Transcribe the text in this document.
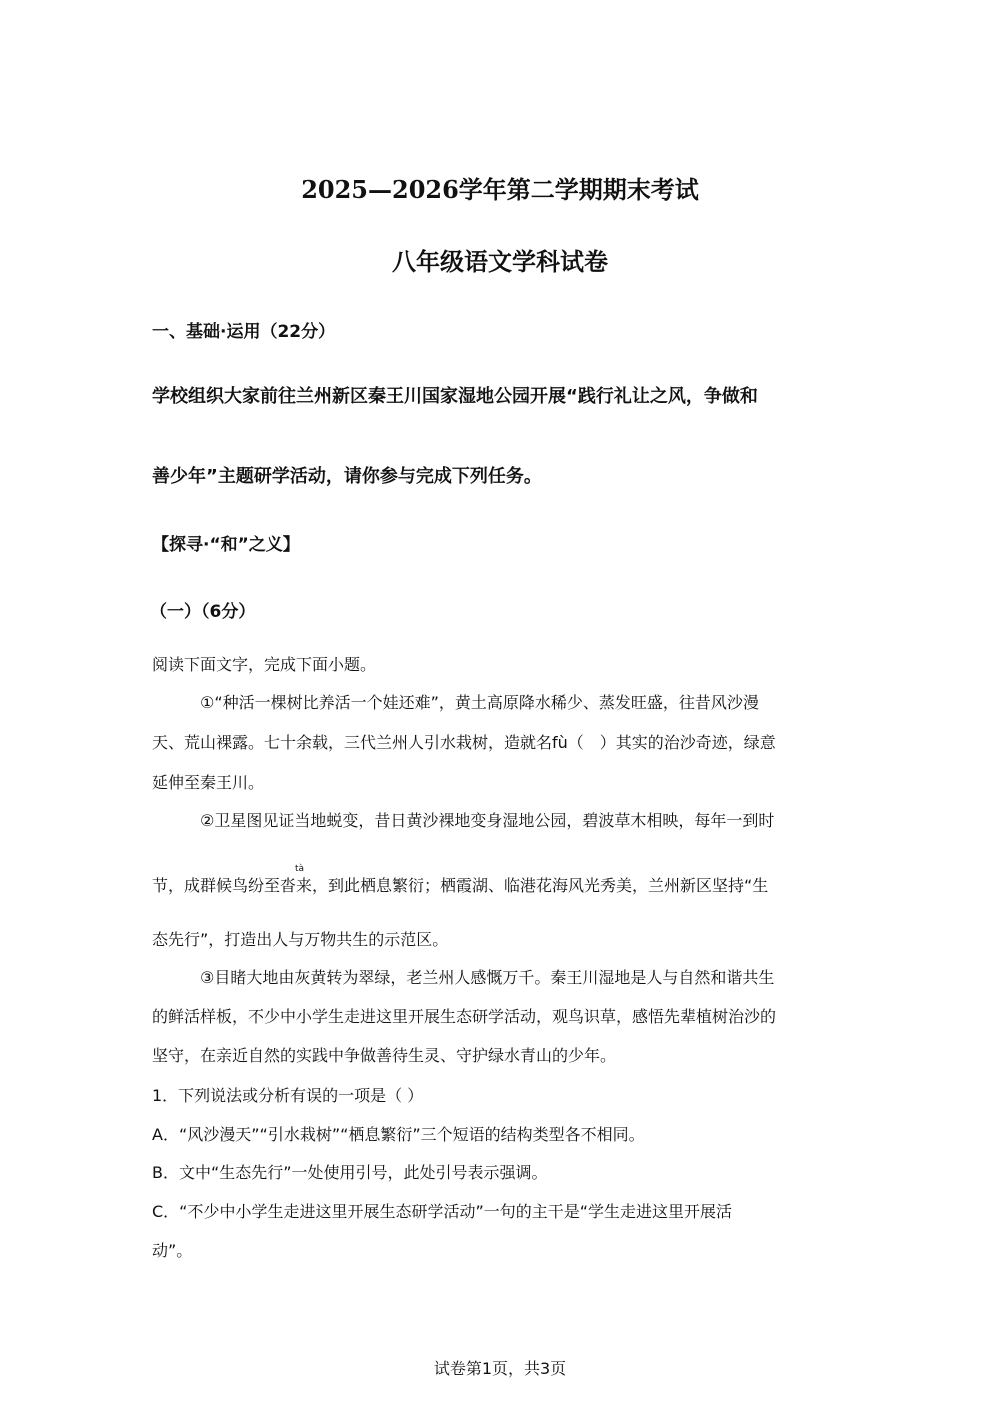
2025—2026学年第二学期期末考试
八年级语文学科试卷
一、基础·运用（22分）
学校组织大家前往兰州新区秦王川国家湿地公园开展“践行礼让之风，争做和
善少年”主题研学活动，请你参与完成下列任务。
【探寻·“和”之义】
（一）（6分）
阅读下面文字，完成下面小题。
①“种活一棵树比养活一个娃还难”，黄土高原降水稀少、蒸发旺盛，往昔风沙漫
天、荒山裸露。七十余载，三代兰州人引水栽树，造就名fù（　）其实的治沙奇迹，绿意
延伸至秦王川。
②卫星图见证当地蜕变，昔日黄沙裸地变身湿地公园，碧波草木相映，每年一到时
tà
节，成群候鸟纷至沓来，到此栖息繁衍；栖霞湖、临港花海风光秀美，兰州新区坚持“生
态先行”，打造出人与万物共生的示范区。
③目睹大地由灰黄转为翠绿，老兰州人感慨万千。秦王川湿地是人与自然和谐共生
的鲜活样板，不少中小学生走进这里开展生态研学活动，观鸟识草，感悟先辈植树治沙的
坚守，在亲近自然的实践中争做善待生灵、守护绿水青山的少年。
1．下列说法或分析有误的一项是（ ）
A．“风沙漫天”“引水栽树”“栖息繁衍”三个短语的结构类型各不相同。
B．文中“生态先行”一处使用引号，此处引号表示强调。
C．“不少中小学生走进这里开展生态研学活动”一句的主干是“学生走进这里开展活
动”。
试卷第1页，共3页
